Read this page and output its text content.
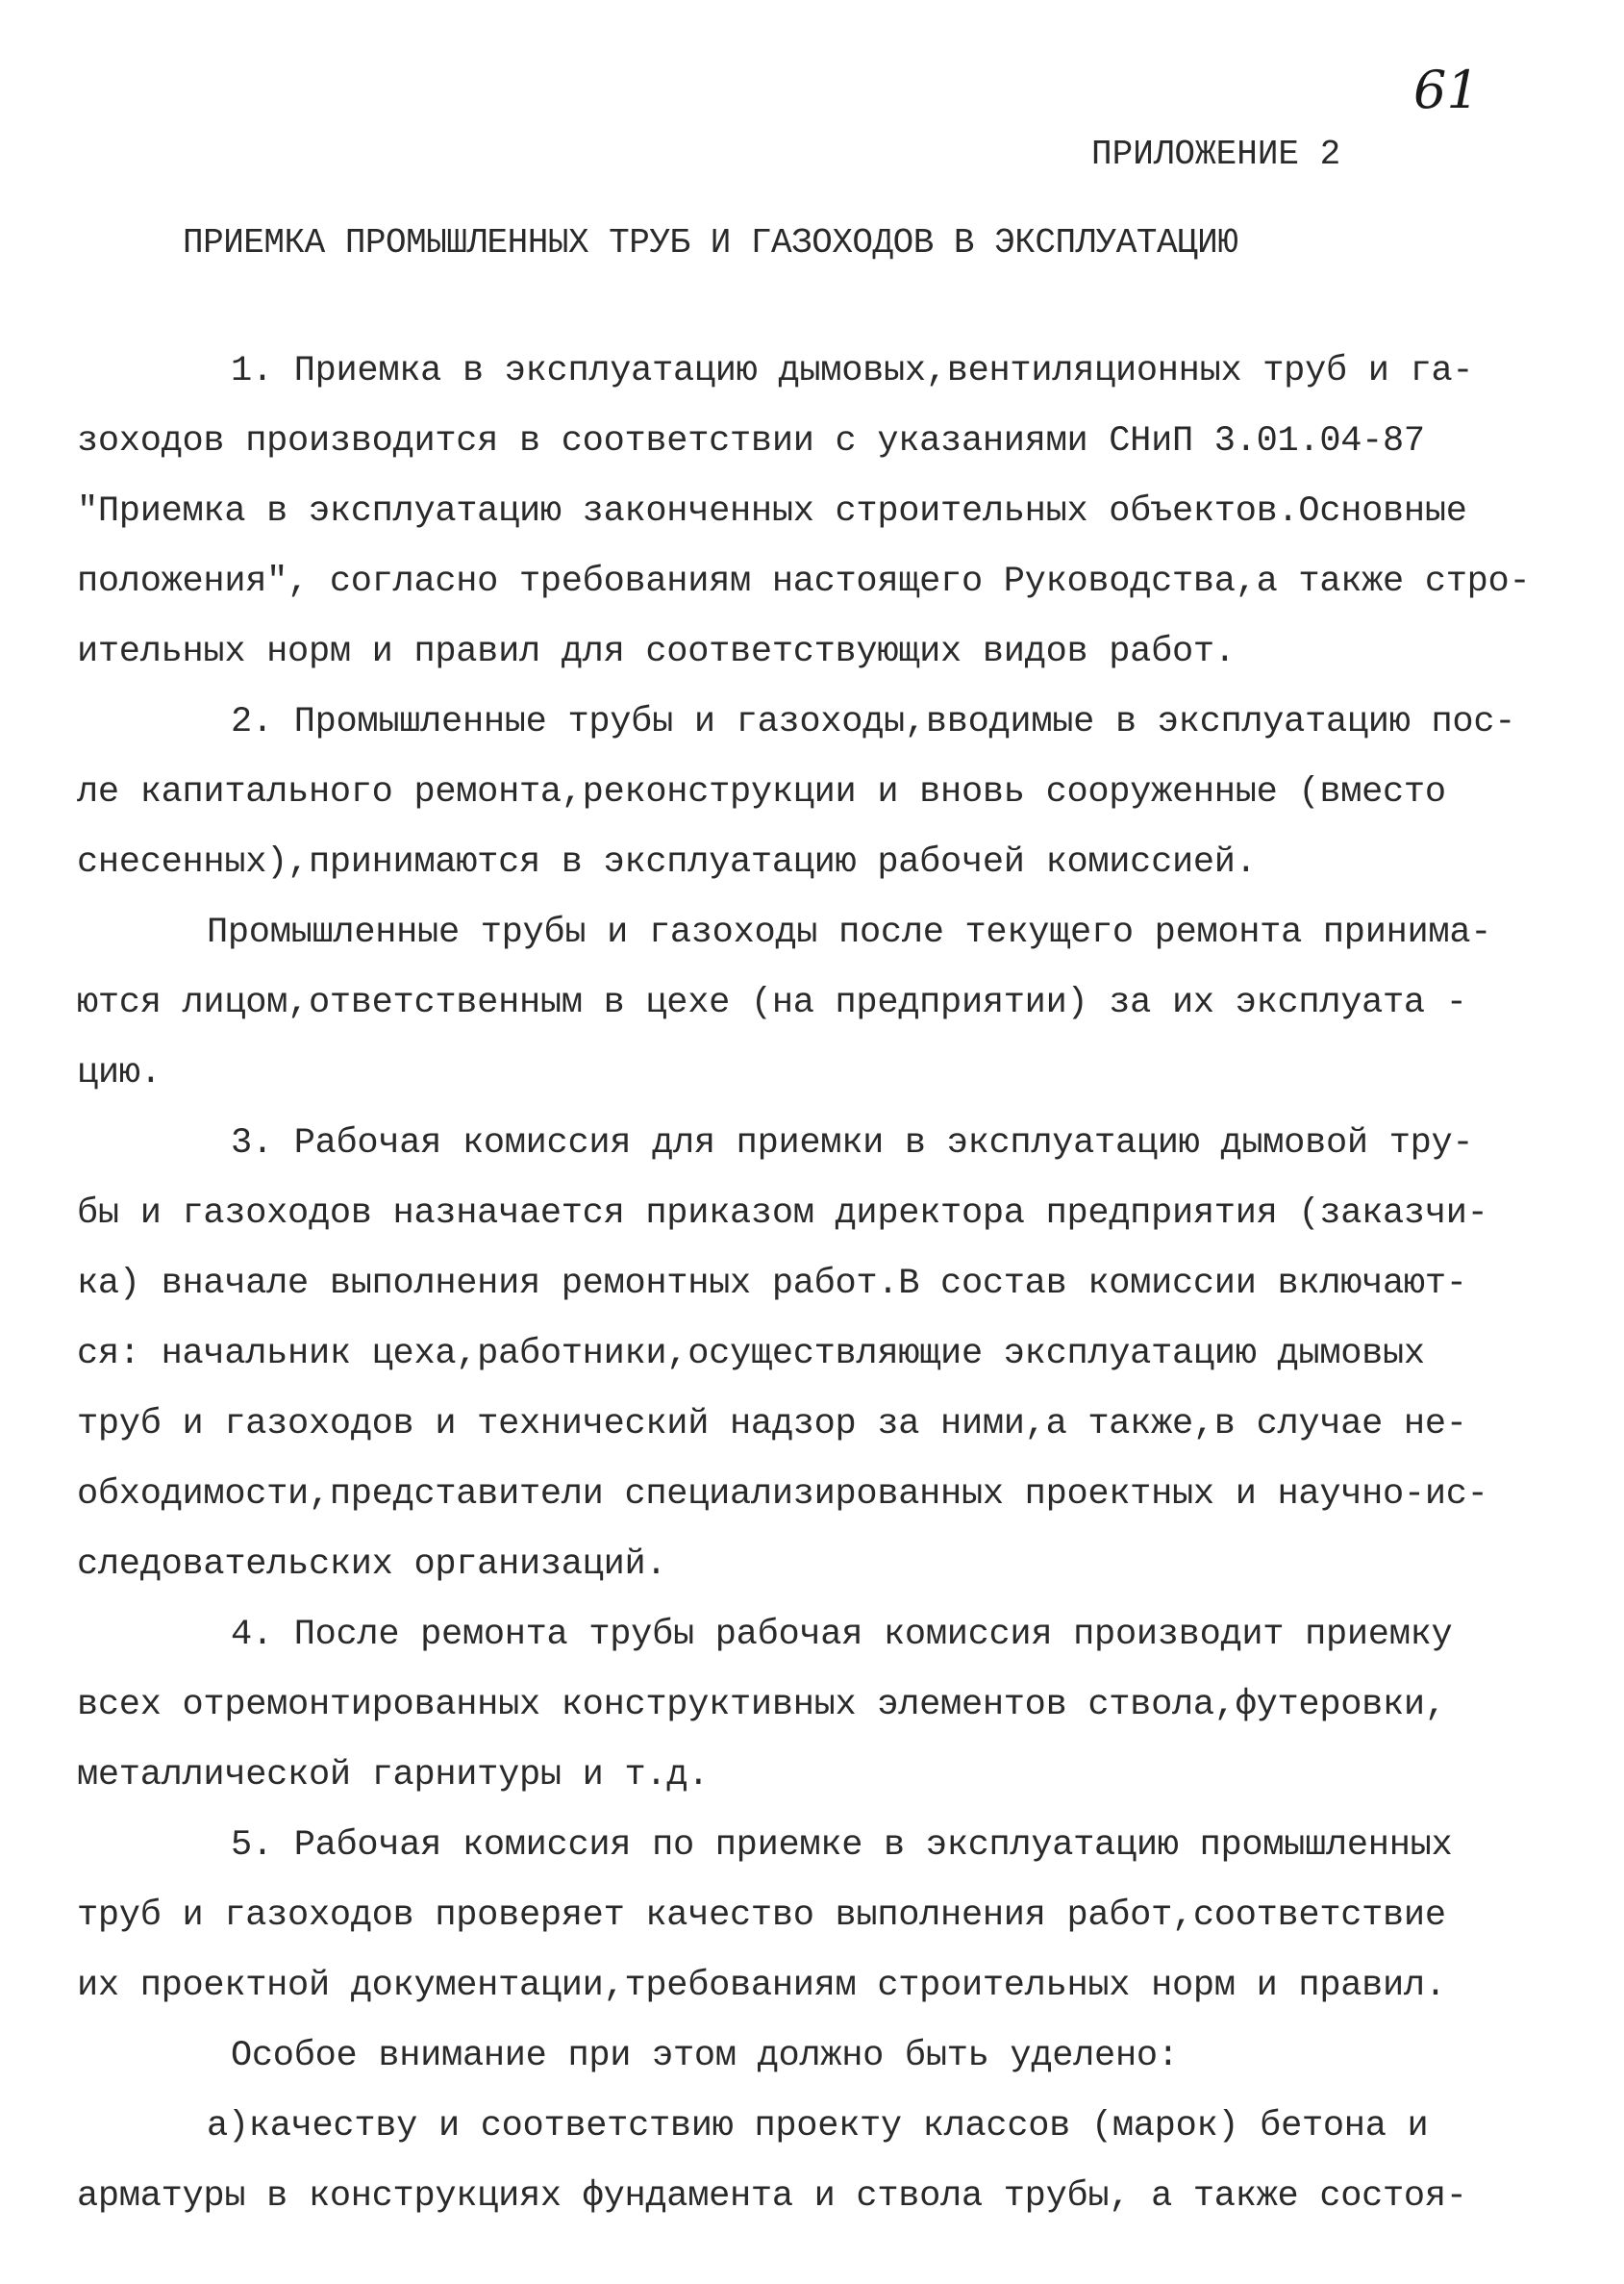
61
ПРИЛОЖЕНИЕ 2
ПРИЕМКА ПРОМЫШЛЕННЫХ ТРУБ И ГАЗОХОДОВ В ЭКСПЛУАТАЦИЮ
1. Приемка в эксплуатацию дымовых,вентиляционных труб и га-
зоходов производится в соответствии с указаниями СНиП 3.01.04-87
"Приемка в эксплуатацию законченных строительных объектов.Основные
положения", согласно требованиям настоящего Руководства,а также стро-
ительных норм и правил для соответствующих видов работ.
2. Промышленные трубы и газоходы,вводимые в эксплуатацию пос-
ле капитального ремонта,реконструкции и вновь сооруженные (вместо
снесенных),принимаются в эксплуатацию рабочей комиссией.
Промышленные трубы и газоходы после текущего ремонта принима-
ются лицом,ответственным в цехе (на предприятии) за их эксплуата -
цию.
3. Рабочая комиссия для приемки в эксплуатацию дымовой тру-
бы и газоходов назначается приказом директора предприятия (заказчи-
ка) вначале выполнения ремонтных работ.В состав комиссии включают-
ся: начальник цеха,работники,осуществляющие эксплуатацию дымовых
труб и газоходов и технический надзор за ними,а также,в случае не-
обходимости,представители специализированных проектных и научно-ис-
следовательских организаций.
4. После ремонта трубы рабочая комиссия производит приемку
всех отремонтированных конструктивных элементов ствола,футеровки,
металлической гарнитуры и т.д.
5. Рабочая комиссия по приемке в эксплуатацию промышленных
труб и газоходов проверяет качество выполнения работ,соответствие
их проектной документации,требованиям строительных норм и правил.
Особое внимание при этом должно быть уделено:
а)качеству и соответствию проекту классов (марок) бетона и
арматуры в конструкциях фундамента и ствола трубы, а также состоя-
